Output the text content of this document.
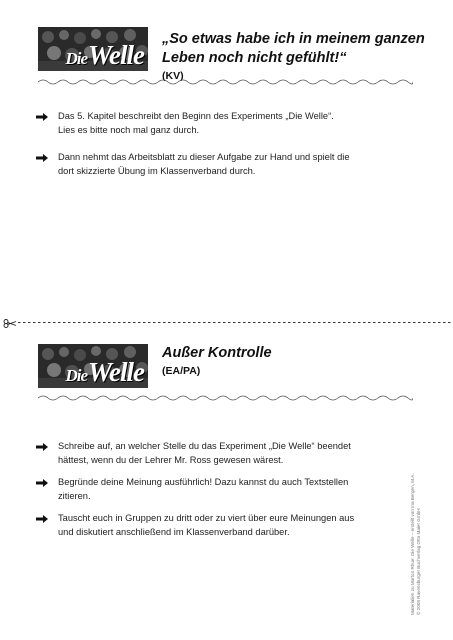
DieWelle
„So etwas habe ich in meinem ganzen
Leben noch nicht gefühlt!“
(KV)
Das 5. Kapitel beschreibt den Beginn des Experiments „Die Welle“.
Lies es bitte noch mal ganz durch.
Dann nehmt das Arbeitsblatt zu dieser Aufgabe zur Hand und spielt die
dort skizzierte Übung im Klassenverband durch.
DieWelle
Außer Kontrolle
(EA/PA)
Schreibe auf, an welcher Stelle du das Experiment „Die Welle“ beendet
hättest, wenn du der Lehrer Mr. Ross gewesen wärest.
Begründe deine Meinung ausführlich! Dazu kannst du auch Textstellen
zitieren.
Tauscht euch in Gruppen zu dritt oder zu viert über eure Meinungen aus
und diskutiert anschließend im Klassenverband darüber.
Materialien zu Morton Rhue: Die Welle – erstellt von Ina Bergen, M.A.
© 2008 Ravensburger Buchverlag Otto Maier GmbH
